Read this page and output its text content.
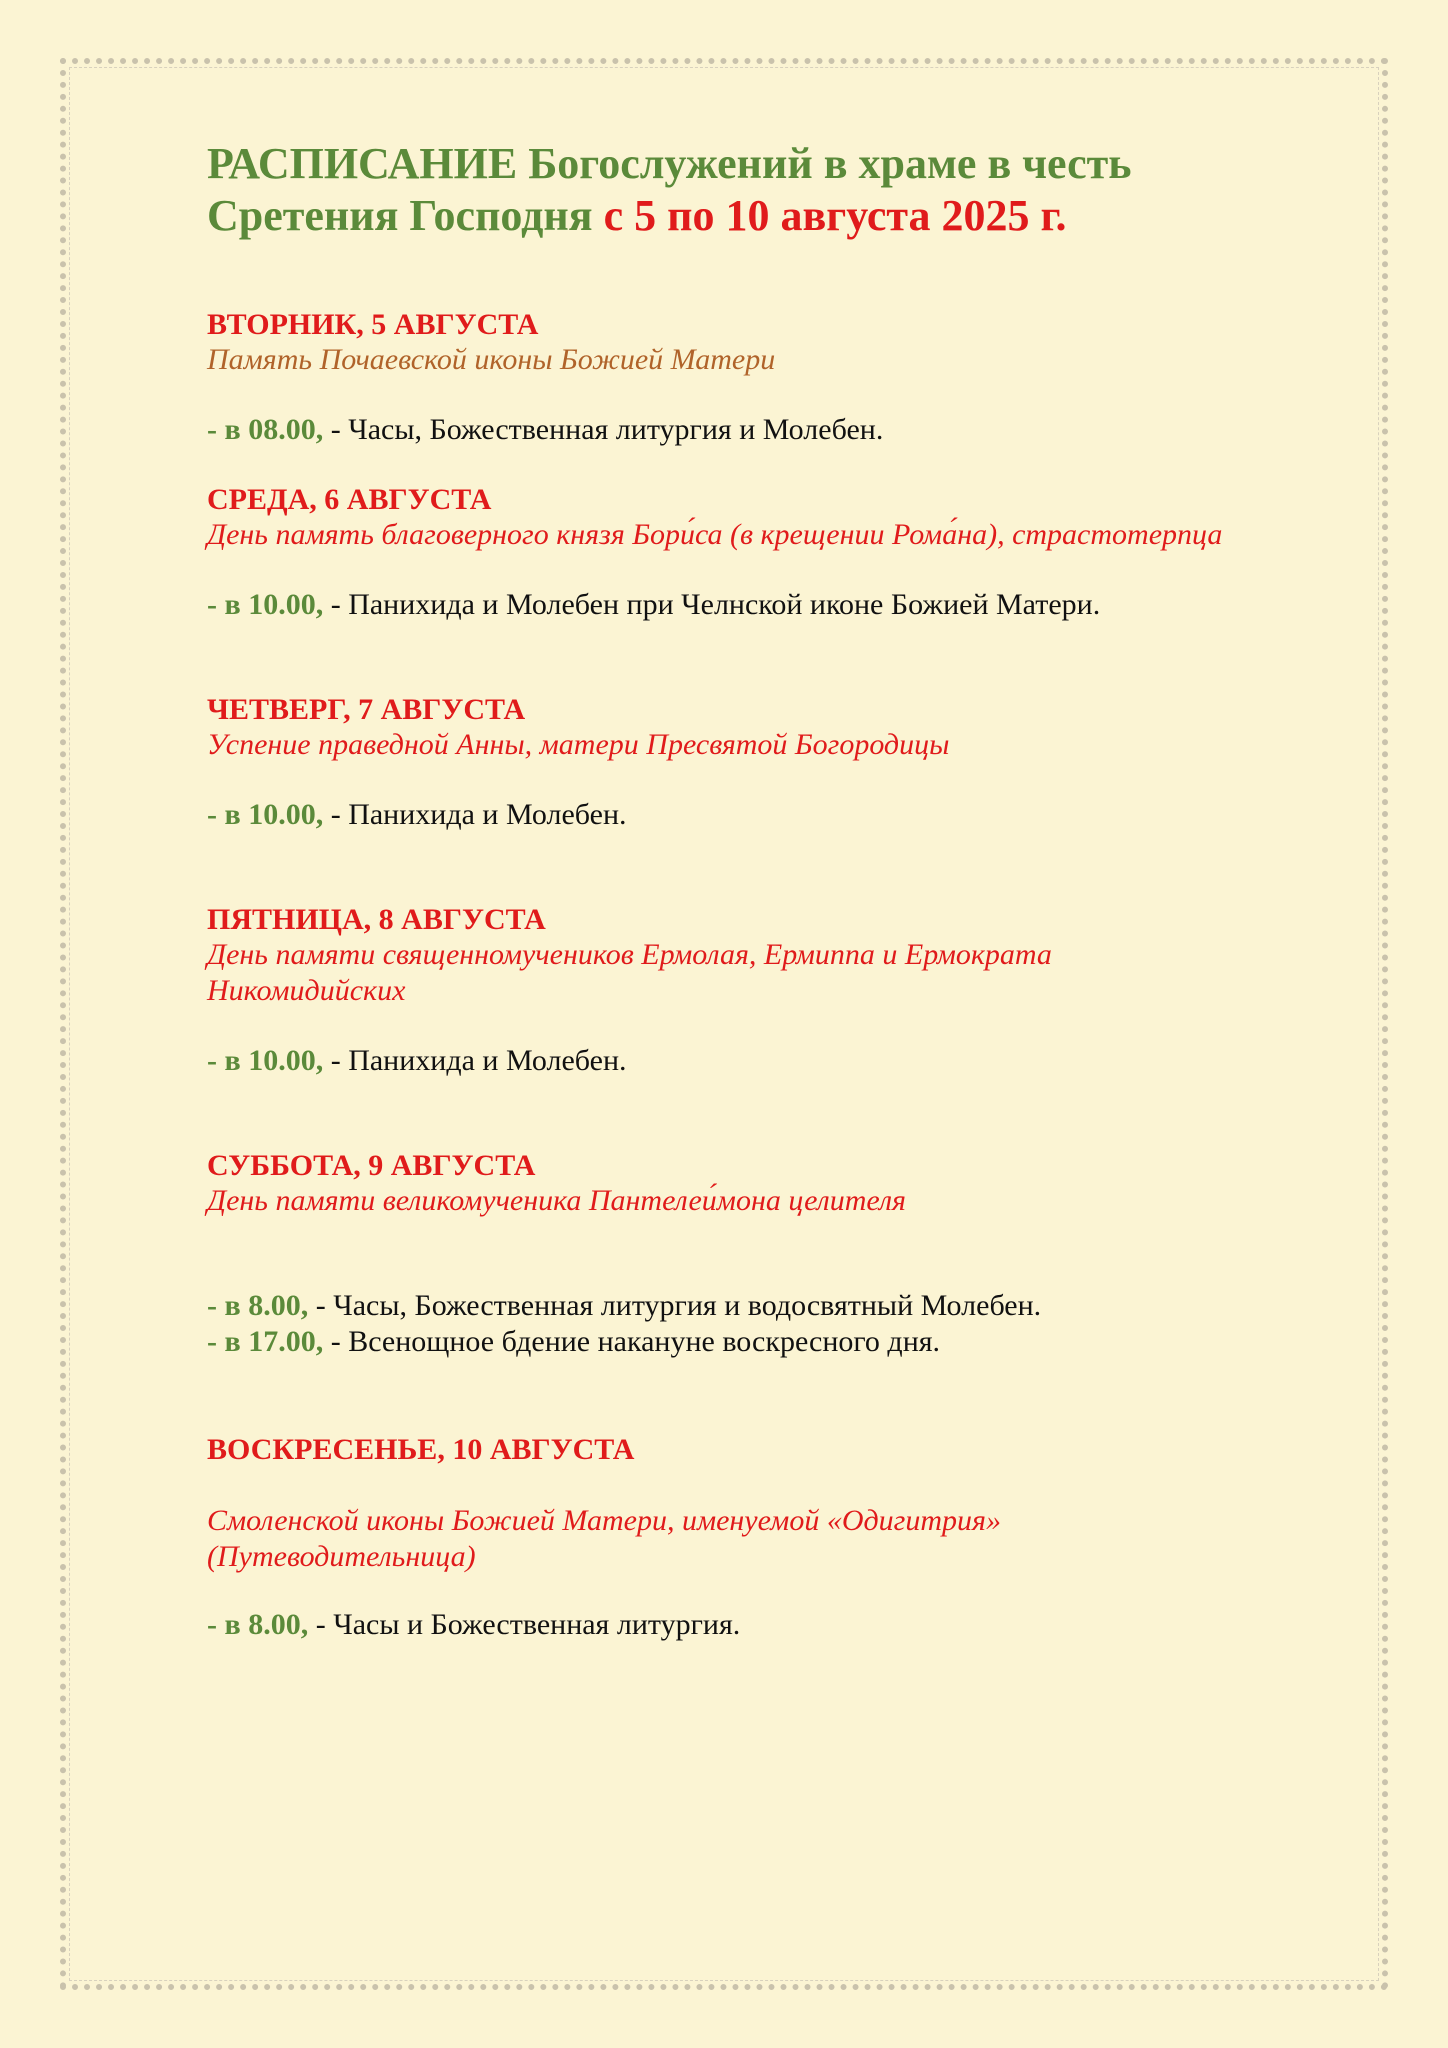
РАСПИСАНИЕ Богослужений в храме в честь
Сретения Господня с 5 по 10 августа 2025 г.
ВТОРНИК, 5 АВГУСТА
Память Почаевской иконы Божией Матери
- в 08.00, - Часы, Божественная литургия и Молебен.
СРЕДА, 6 АВГУСТА
День память благоверного князя Бори́са (в крещении Рома́на), страстотерпца
- в 10.00, - Панихида и Молебен при Челнской иконе Божией Матери.
ЧЕТВЕРГ, 7 АВГУСТА
Успение праведной Анны, матери Пресвятой Богородицы
- в 10.00, - Панихида и Молебен.
ПЯТНИЦА, 8 АВГУСТА
День памяти священномучеников Ермолая, Ермиппа и Ермократа
Никомидийских
- в 10.00, - Панихида и Молебен.
СУББОТА, 9 АВГУСТА
День памяти великомученика Пантелеи́мона целителя
- в 8.00, - Часы, Божественная литургия и водосвятный Молебен.
- в 17.00, - Всенощное бдение накануне воскресного дня.
ВОСКРЕСЕНЬЕ, 10 АВГУСТА
Смоленской иконы Божией Матери, именуемой «Одигитрия»
(Путеводительница)
- в 8.00, - Часы и Божественная литургия.
